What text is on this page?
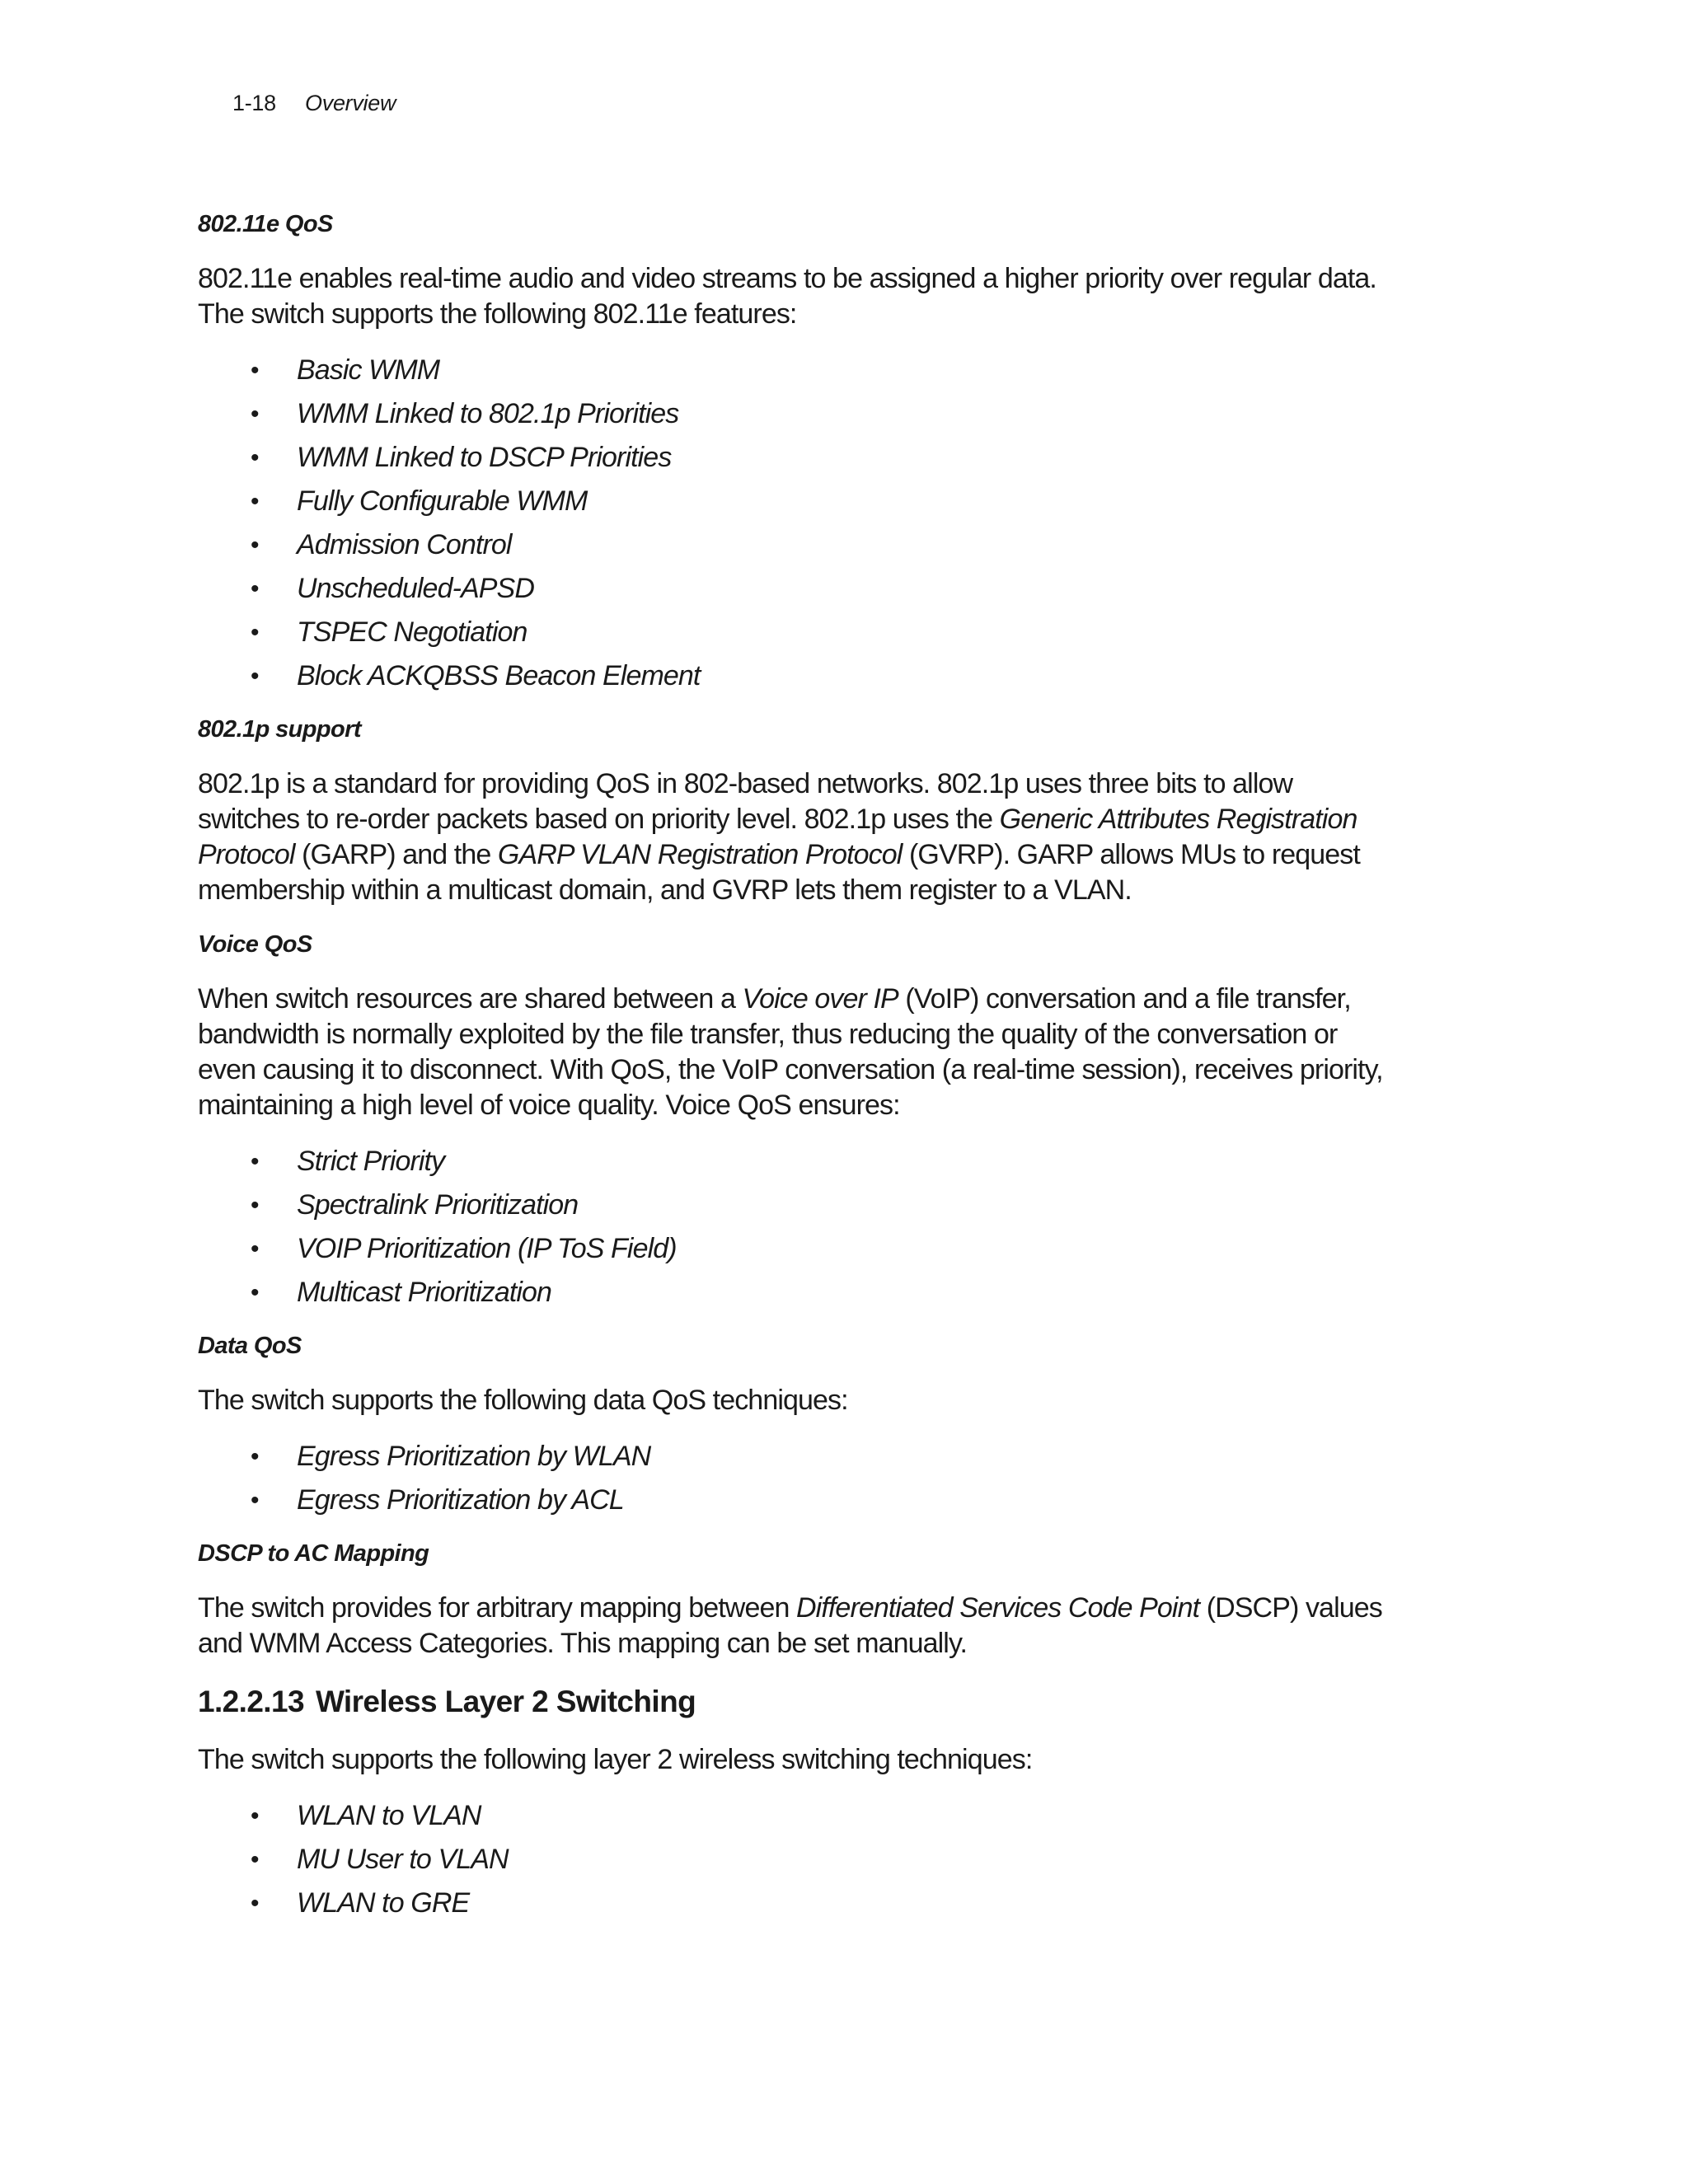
1-18 Overview

802.11e QoS

802.11e enables real-time audio and video streams to be assigned a higher priority over regular data. The switch supports the following 802.11e features:

• Basic WMM
• WMM Linked to 802.1p Priorities
• WMM Linked to DSCP Priorities
• Fully Configurable WMM
• Admission Control
• Unscheduled-APSD
• TSPEC Negotiation
• Block ACKQBSS Beacon Element

802.1p support

802.1p is a standard for providing QoS in 802-based networks. 802.1p uses three bits to allow switches to re-order packets based on priority level. 802.1p uses the Generic Attributes Registration Protocol (GARP) and the GARP VLAN Registration Protocol (GVRP). GARP allows MUs to request membership within a multicast domain, and GVRP lets them register to a VLAN.

Voice QoS

When switch resources are shared between a Voice over IP (VoIP) conversation and a file transfer, bandwidth is normally exploited by the file transfer, thus reducing the quality of the conversation or even causing it to disconnect. With QoS, the VoIP conversation (a real-time session), receives priority, maintaining a high level of voice quality. Voice QoS ensures:

• Strict Priority
• Spectralink Prioritization
• VOIP Prioritization (IP ToS Field)
• Multicast Prioritization

Data QoS

The switch supports the following data QoS techniques:

• Egress Prioritization by WLAN
• Egress Prioritization by ACL

DSCP to AC Mapping

The switch provides for arbitrary mapping between Differentiated Services Code Point (DSCP) values and WMM Access Categories. This mapping can be set manually.

1.2.2.13 Wireless Layer 2 Switching

The switch supports the following layer 2 wireless switching techniques:

• WLAN to VLAN
• MU User to VLAN
• WLAN to GRE
